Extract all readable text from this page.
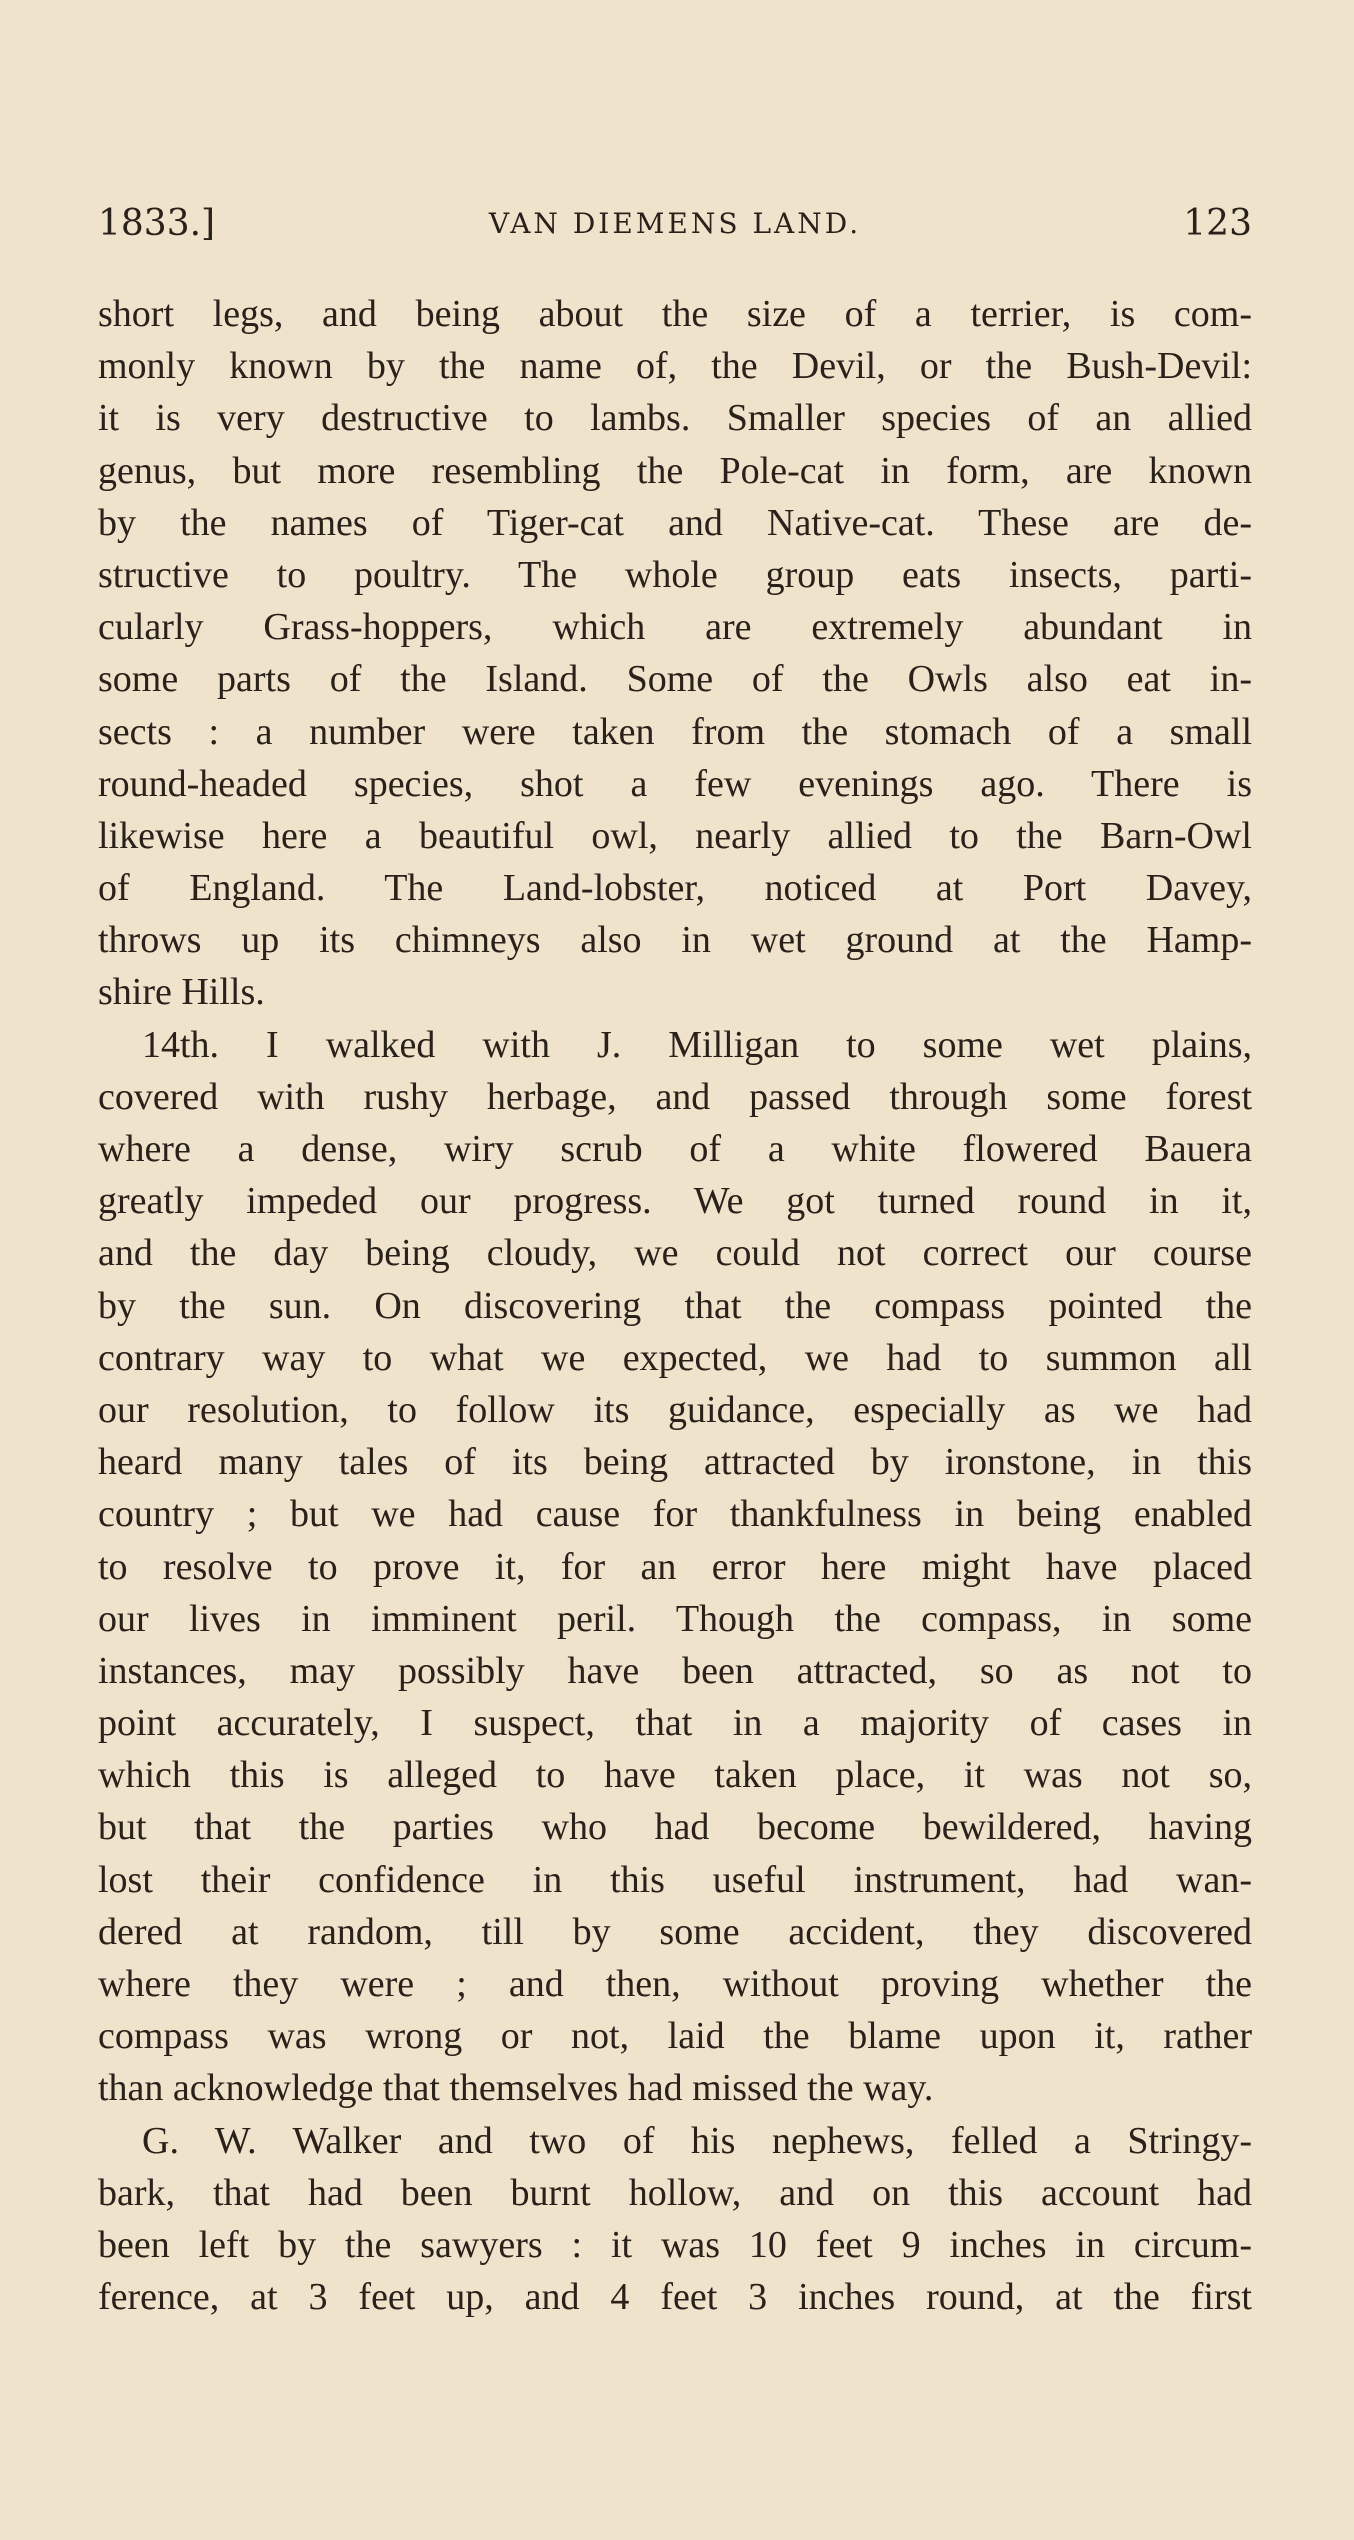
1833.]	VAN DIEMENS LAND.	123
short legs, and being about the size of a terrier, is com-
monly known by the name of, the Devil, or the Bush-Devil:
it is very destructive to lambs. Smaller species of an allied
genus, but more resembling the Pole-cat in form, are known
by the names of Tiger-cat and Native-cat. These are de-
structive to poultry. The whole group eats insects, parti-
cularly Grass-hoppers, which are extremely abundant in
some parts of the Island. Some of the Owls also eat in-
sects : a number were taken from the stomach of a small
round-headed species, shot a few evenings ago. There is
likewise here a beautiful owl, nearly allied to the Barn-Owl
of England. The Land-lobster, noticed at Port Davey,
throws up its chimneys also in wet ground at the Hamp-
shire Hills.
14th. I walked with J. Milligan to some wet plains,
covered with rushy herbage, and passed through some forest
where a dense, wiry scrub of a white flowered Bauera
greatly impeded our progress. We got turned round in it,
and the day being cloudy, we could not correct our course
by the sun. On discovering that the compass pointed the
contrary way to what we expected, we had to summon all
our resolution, to follow its guidance, especially as we had
heard many tales of its being attracted by ironstone, in this
country ; but we had cause for thankfulness in being enabled
to resolve to prove it, for an error here might have placed
our lives in imminent peril. Though the compass, in some
instances, may possibly have been attracted, so as not to
point accurately, I suspect, that in a majority of cases in
which this is alleged to have taken place, it was not so,
but that the parties who had become bewildered, having
lost their confidence in this useful instrument, had wan-
dered at random, till by some accident, they discovered
where they were ; and then, without proving whether the
compass was wrong or not, laid the blame upon it, rather
than acknowledge that themselves had missed the way.
G. W. Walker and two of his nephews, felled a Stringy-
bark, that had been burnt hollow, and on this account had
been left by the sawyers : it was 10 feet 9 inches in circum-
ference, at 3 feet up, and 4 feet 3 inches round, at the first
